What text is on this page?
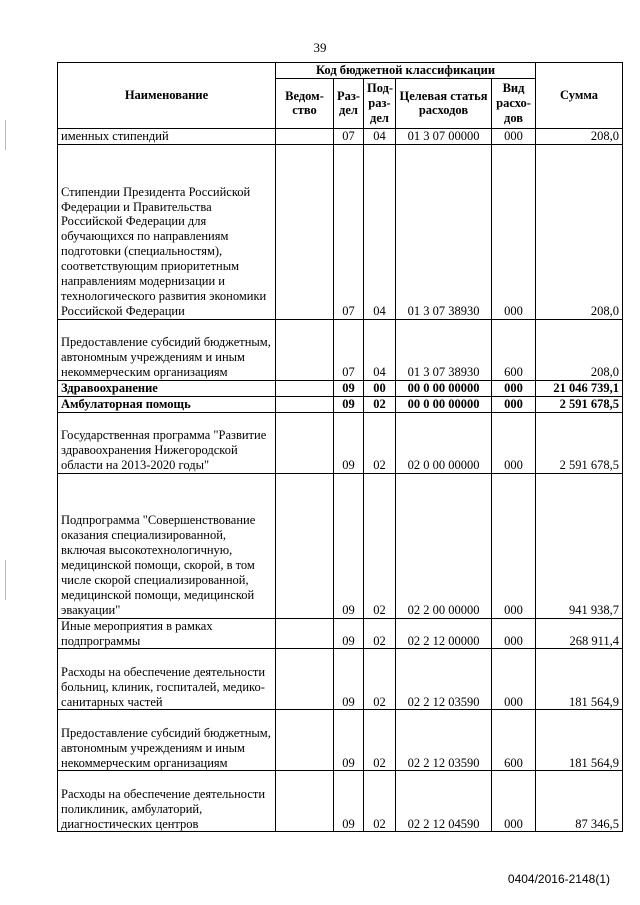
39
Наименование	Код бюджетной классификации					Сумма
	Ведом-ство	Раз-дел	Под-раз-дел	Целевая статья расходов	Вид расхо-дов	
именных стипендий		07	04	01 3 07 00000	000	208,0
Стипендии Президента Российской Федерации и Правительства Российской Федерации для обучающихся по направлениям подготовки (специальностям), соответствующим приоритетным направлениям модернизации и технологического развития экономики Российской Федерации		07	04	01 3 07 38930	000	208,0
Предоставление субсидий бюджетным, автономным учреждениям и иным некоммерческим организациям		07	04	01 3 07 38930	600	208,0
Здравоохранение		09	00	00 0 00 00000	000	21 046 739,1
Амбулаторная помощь		09	02	00 0 00 00000	000	2 591 678,5
Государственная программа "Развитие здравоохранения Нижегородской области на 2013-2020 годы"		09	02	02 0 00 00000	000	2 591 678,5
Подпрограмма "Совершенствование оказания специализированной, включая высокотехнологичную, медицинской помощи, скорой, в том числе скорой специализированной, медицинской помощи, медицинской эвакуации"		09	02	02 2 00 00000	000	941 938,7
Иные мероприятия в рамках подпрограммы		09	02	02 2 12 00000	000	268 911,4
Расходы на обеспечение деятельности больниц, клиник, госпиталей, медико-санитарных частей		09	02	02 2 12 03590	000	181 564,9
Предоставление субсидий бюджетным, автономным учреждениям и иным некоммерческим организациям		09	02	02 2 12 03590	600	181 564,9
Расходы на обеспечение деятельности поликлиник, амбулаторий, диагностических центров		09	02	02 2 12 04590	000	87 346,5
0404/2016-2148(1)
